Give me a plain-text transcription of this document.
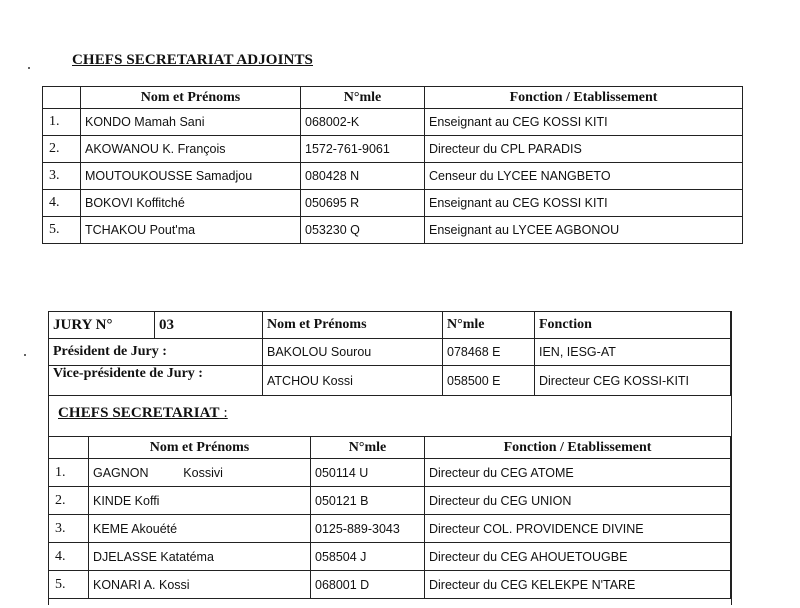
CHEFS SECRETARIAT ADJOINTS
	Nom et Prénoms	N°mle	Fonction / Etablissement
1.	KONDO Mamah Sani	068002-K	Enseignant au CEG KOSSI KITI
2.	AKOWANOU K. François	1572-761-9061	Directeur du CPL PARADIS
3.	MOUTOUKOUSSE Samadjou	080428 N	Censeur du LYCEE NANGBETO
4.	BOKOVI Koffitché	050695 R	Enseignant au CEG KOSSI KITI
5.	TCHAKOU Pout'ma	053230 Q	Enseignant au LYCEE AGBONOU
JURY N°	03	Nom et Prénoms	N°mle	Fonction
Président de Jury :		BAKOLOU Sourou	078468 E	IEN, IESG-AT
Vice-présidente de Jury :		ATCHOU Kossi	058500 E	Directeur CEG KOSSI-KITI
CHEFS SECRETARIAT :
	Nom et Prénoms	N°mle	Fonction / Etablissement
1.	GAGNON          Kossivi	050114 U	Directeur du CEG ATOME
2.	KINDE Koffi	050121 B	Directeur du CEG UNION
3.	KEME Akouété	0125-889-3043	Directeur COL. PROVIDENCE DIVINE
4.	DJELASSE Katatéma	058504 J	Directeur du CEG AHOUETOUGBE
5.	KONARI A. Kossi	068001 D	Directeur du CEG KELEKPE N'TARE
